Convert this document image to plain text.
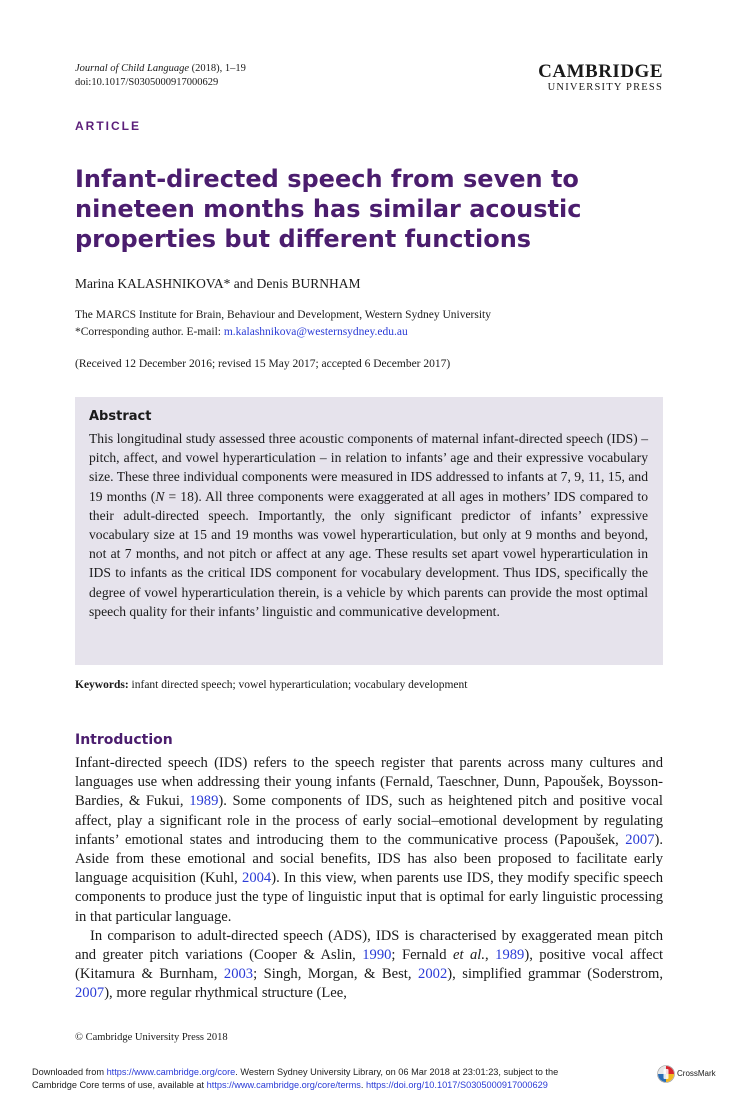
Journal of Child Language (2018), 1–19
doi:10.1017/S0305000917000629
CAMBRIDGE
UNIVERSITY PRESS
ARTICLE
Infant-directed speech from seven to nineteen months has similar acoustic properties but different functions
Marina KALASHNIKOVA* and Denis BURNHAM
The MARCS Institute for Brain, Behaviour and Development, Western Sydney University
*Corresponding author. E-mail: m.kalashnikova@westernsydney.edu.au
(Received 12 December 2016; revised 15 May 2017; accepted 6 December 2017)
Abstract
This longitudinal study assessed three acoustic components of maternal infant-directed speech (IDS) – pitch, affect, and vowel hyperarticulation – in relation to infants’ age and their expressive vocabulary size. These three individual components were measured in IDS addressed to infants at 7, 9, 11, 15, and 19 months (N = 18). All three components were exaggerated at all ages in mothers’ IDS compared to their adult-directed speech. Importantly, the only significant predictor of infants’ expressive vocabulary size at 15 and 19 months was vowel hyperarticulation, but only at 9 months and beyond, not at 7 months, and not pitch or affect at any age. These results set apart vowel hyperarticulation in IDS to infants as the critical IDS component for vocabulary development. Thus IDS, specifically the degree of vowel hyperarticulation therein, is a vehicle by which parents can provide the most optimal speech quality for their infants’ linguistic and communicative development.
Keywords: infant directed speech; vowel hyperarticulation; vocabulary development
Introduction

Infant-directed speech (IDS) refers to the speech register that parents across many cultures and languages use when addressing their young infants (Fernald, Taeschner, Dunn, Papoušek, Boysson-Bardies, & Fukui, 1989). Some components of IDS, such as heightened pitch and positive vocal affect, play a significant role in the process of early social–emotional development by regulating infants’ emotional states and introducing them to the communicative process (Papoušek, 2007). Aside from these emotional and social benefits, IDS has also been proposed to facilitate early language acquisition (Kuhl, 2004). In this view, when parents use IDS, they modify specific speech components to produce just the type of linguistic input that is optimal for early linguistic processing in that particular language.

In comparison to adult-directed speech (ADS), IDS is characterised by exaggerated mean pitch and greater pitch variations (Cooper & Aslin, 1990; Fernald et al., 1989), positive vocal affect (Kitamura & Burnham, 2003; Singh, Morgan, & Best, 2002), simplified grammar (Soderstrom, 2007), more regular rhythmical structure (Lee,

© Cambridge University Press 2018
Downloaded from https://www.cambridge.org/core. Western Sydney University Library, on 06 Mar 2018 at 23:01:23, subject to the
Cambridge Core terms of use, available at https://www.cambridge.org/core/terms. https://doi.org/10.1017/S0305000917000629
CrossMark
